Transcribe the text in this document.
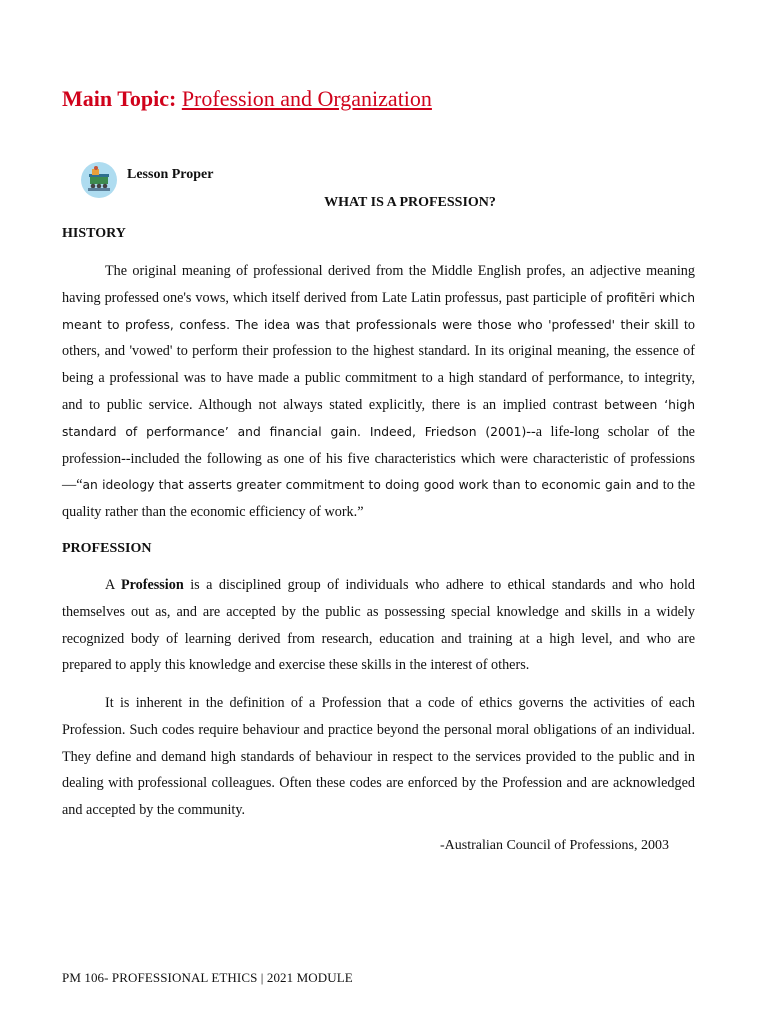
Main Topic: Profession and Organization
Lesson Proper
WHAT IS A PROFESSION?
HISTORY

The original meaning of professional derived from the Middle English profes, an adjective meaning having professed one's vows, which itself derived from Late Latin professus, past participle of profitēri which meant to profess, confess. The idea was that professionals were those who 'professed' their skill to others, and 'vowed' to perform their profession to the highest standard. In its original meaning, the essence of being a professional was to have made a public commitment to a high standard of performance, to integrity, and to public service. Although not always stated explicitly, there is an implied contrast between ‘high standard of performance’ and financial gain. Indeed, Friedson (2001)--a life-long scholar of the profession--included the following as one of his five characteristics which were characteristic of professions—“an ideology that asserts greater commitment to doing good work than to economic gain and to the quality rather than the economic efficiency of work.”

PROFESSION

A Profession is a disciplined group of individuals who adhere to ethical standards and who hold themselves out as, and are accepted by the public as possessing special knowledge and skills in a widely recognized body of learning derived from research, education and training at a high level, and who are prepared to apply this knowledge and exercise these skills in the interest of others.

It is inherent in the definition of a Profession that a code of ethics governs the activities of each Profession. Such codes require behaviour and practice beyond the personal moral obligations of an individual. They define and demand high standards of behaviour in respect to the services provided to the public and in dealing with professional colleagues. Often these codes are enforced by the Profession and are acknowledged and accepted by the community.

-Australian Council of Professions, 2003
PM 106- PROFESSIONAL ETHICS | 2021 MODULE
